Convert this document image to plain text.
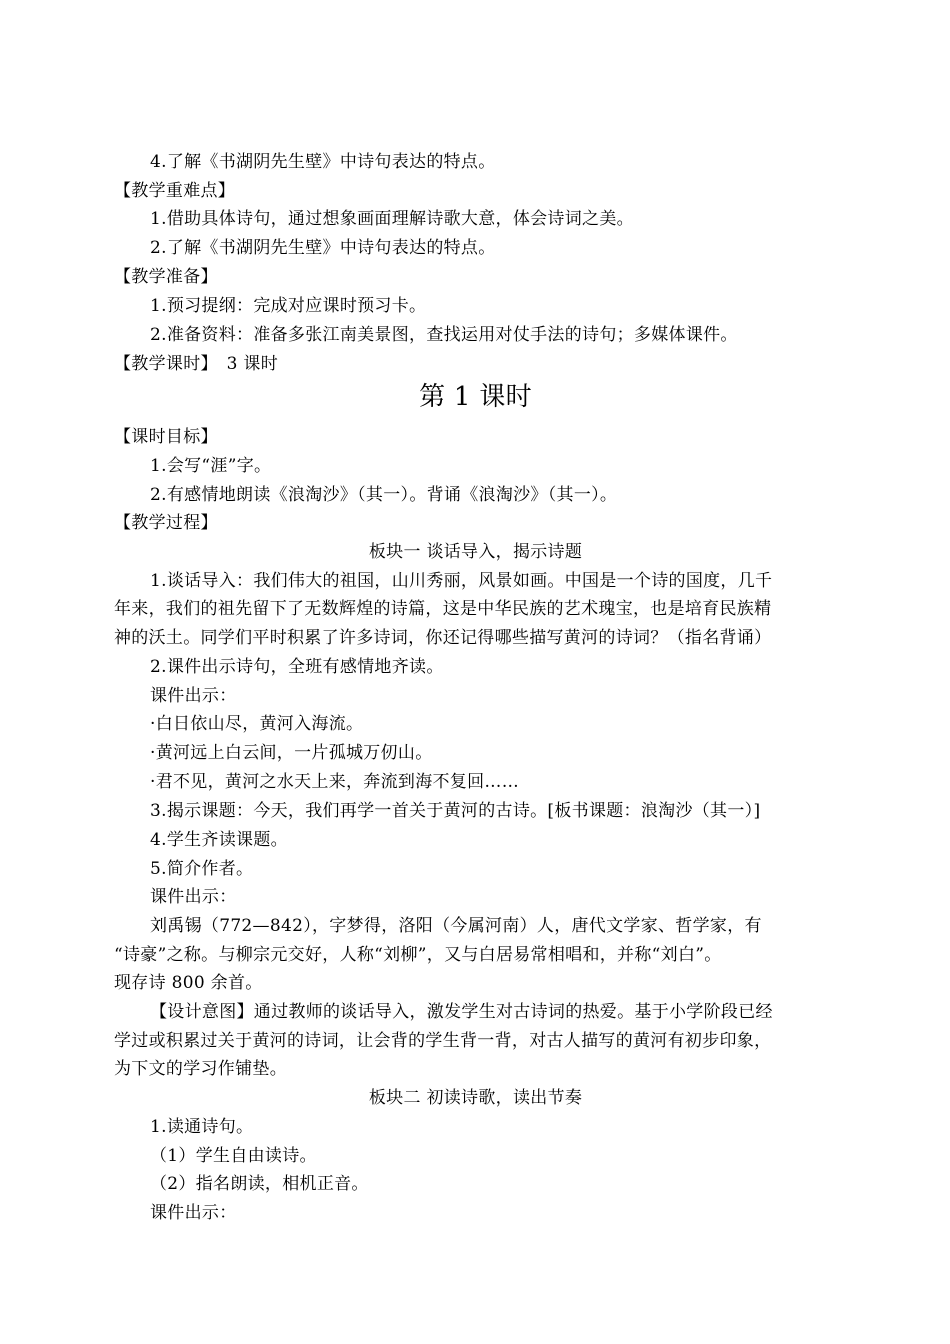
4.了解《书湖阴先生壁》中诗句表达的特点。
【教学重难点】
1.借助具体诗句，通过想象画面理解诗歌大意，体会诗词之美。
2.了解《书湖阴先生壁》中诗句表达的特点。
【教学准备】
1.预习提纲：完成对应课时预习卡。
2.准备资料：准备多张江南美景图，查找运用对仗手法的诗句；多媒体课件。
【教学课时】　3 课时
第 1 课时
【课时目标】
1.会写“涯”字。
2.有感情地朗读《浪淘沙》（其一）。背诵《浪淘沙》（其一）。
【教学过程】
板块一 谈话导入，揭示诗题
1.谈话导入：我们伟大的祖国，山川秀丽，风景如画。中国是一个诗的国度，几千
年来，我们的祖先留下了无数辉煌的诗篇，这是中华民族的艺术瑰宝，也是培育民族精
神的沃土。同学们平时积累了许多诗词，你还记得哪些描写黄河的诗词？（指名背诵）
2.课件出示诗句，全班有感情地齐读。
课件出示：
·白日依山尽，黄河入海流。
·黄河远上白云间，一片孤城万仞山。
·君不见，黄河之水天上来，奔流到海不复回……
3.揭示课题：今天，我们再学一首关于黄河的古诗。[板书课题：浪淘沙（其一）]
4.学生齐读课题。
5.简介作者。
课件出示：
刘禹锡（772—842），字梦得，洛阳（今属河南）人，唐代文学家、哲学家，有
“诗豪”之称。与柳宗元交好，人称“刘柳”，又与白居易常相唱和，并称“刘白”。
现存诗 800 余首。
【设计意图】通过教师的谈话导入，激发学生对古诗词的热爱。基于小学阶段已经
学过或积累过关于黄河的诗词，让会背的学生背一背，对古人描写的黄河有初步印象，
为下文的学习作铺垫。
板块二 初读诗歌，读出节奏
1.读通诗句。
（1）学生自由读诗。
（2）指名朗读，相机正音。
课件出示：
